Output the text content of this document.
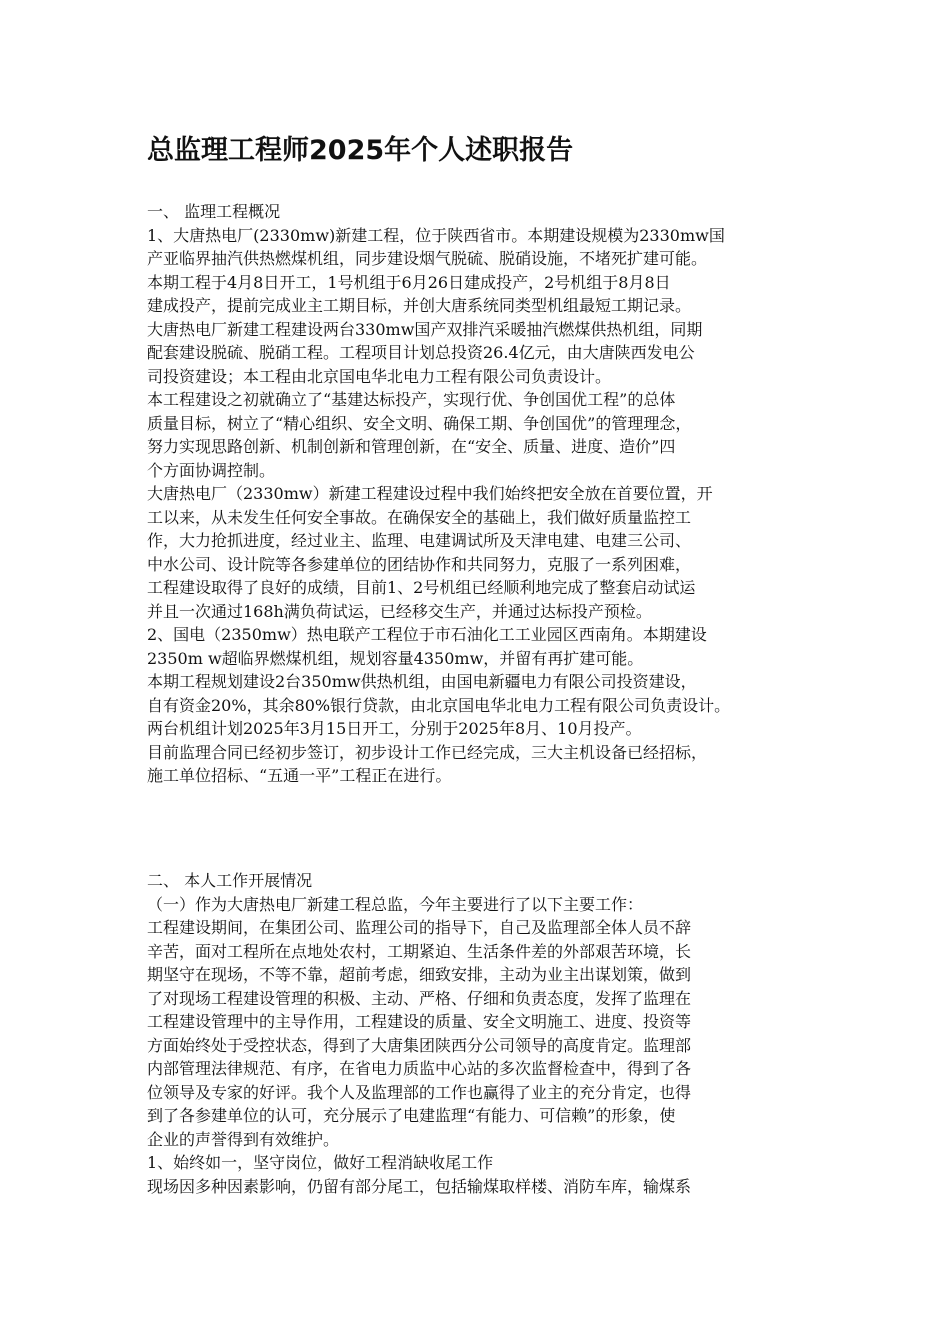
总监理工程师2025年个人述职报告
一、 监理工程概况
1、大唐热电厂(2330mw)新建工程，位于陕西省市。本期建设规模为2330mw国
产亚临界抽汽供热燃煤机组，同步建设烟气脱硫、脱硝设施，不堵死扩建可能。
本期工程于4月8日开工，1号机组于6月26日建成投产，2号机组于8月8日
建成投产，提前完成业主工期目标，并创大唐系统同类型机组最短工期记录。
大唐热电厂新建工程建设两台330mw国产双排汽采暖抽汽燃煤供热机组，同期
配套建设脱硫、脱硝工程。工程项目计划总投资26.4亿元，由大唐陕西发电公
司投资建设；本工程由北京国电华北电力工程有限公司负责设计。
本工程建设之初就确立了“基建达标投产，实现行优、争创国优工程”的总体
质量目标，树立了“精心组织、安全文明、确保工期、争创国优”的管理理念，
努力实现思路创新、机制创新和管理创新，在“安全、质量、进度、造价”四
个方面协调控制。
大唐热电厂（2330mw）新建工程建设过程中我们始终把安全放在首要位置，开
工以来，从未发生任何安全事故。在确保安全的基础上，我们做好质量监控工
作，大力抢抓进度，经过业主、监理、电建调试所及天津电建、电建三公司、
中水公司、设计院等各参建单位的团结协作和共同努力，克服了一系列困难，
工程建设取得了良好的成绩，目前1、2号机组已经顺利地完成了整套启动试运
并且一次通过168h满负荷试运，已经移交生产，并通过达标投产预检。
2、国电（2350mw）热电联产工程位于市石油化工工业园区西南角。本期建设
2350m w超临界燃煤机组，规划容量4350mw，并留有再扩建可能。
本期工程规划建设2台350mw供热机组，由国电新疆电力有限公司投资建设，
自有资金20%，其余80%银行贷款，由北京国电华北电力工程有限公司负责设计。
两台机组计划2025年3月15日开工，分别于2025年8月、10月投产。
目前监理合同已经初步签订，初步设计工作已经完成，三大主机设备已经招标，
施工单位招标、“五通一平”工程正在进行。
二、 本人工作开展情况
（一）作为大唐热电厂新建工程总监，今年主要进行了以下主要工作：
工程建设期间，在集团公司、监理公司的指导下，自己及监理部全体人员不辞
辛苦，面对工程所在点地处农村，工期紧迫、生活条件差的外部艰苦环境，长
期坚守在现场，不等不靠，超前考虑，细致安排，主动为业主出谋划策，做到
了对现场工程建设管理的积极、主动、严格、仔细和负责态度，发挥了监理在
工程建设管理中的主导作用，工程建设的质量、安全文明施工、进度、投资等
方面始终处于受控状态，得到了大唐集团陕西分公司领导的高度肯定。监理部
内部管理法律规范、有序，在省电力质监中心站的多次监督检查中，得到了各
位领导及专家的好评。我个人及监理部的工作也赢得了业主的充分肯定，也得
到了各参建单位的认可，充分展示了电建监理“有能力、可信赖”的形象，使
企业的声誉得到有效维护。
1、始终如一，坚守岗位，做好工程消缺收尾工作
现场因多种因素影响，仍留有部分尾工，包括输煤取样楼、消防车库，输煤系
